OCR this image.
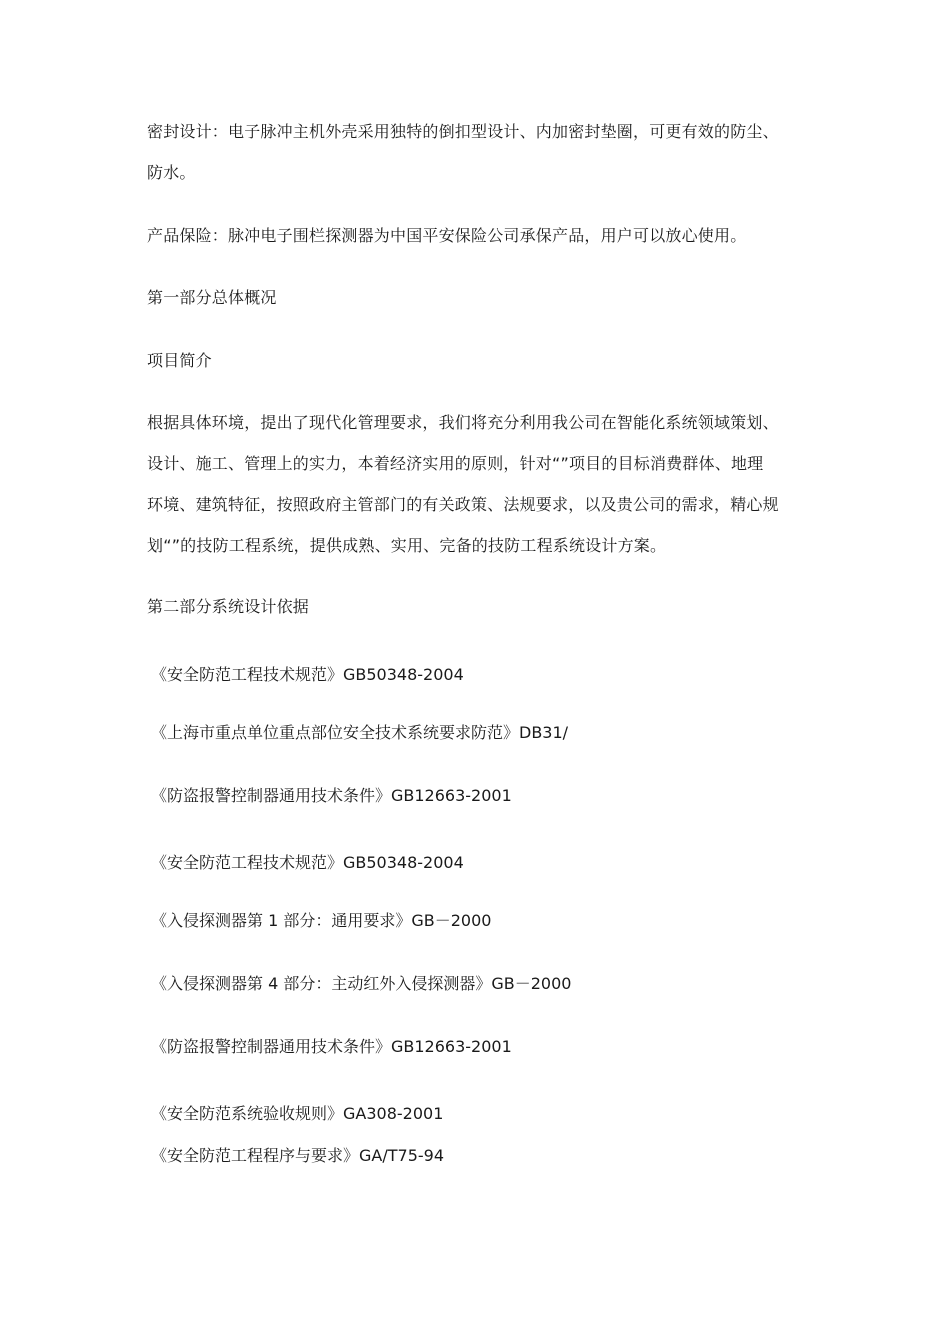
密封设计：电子脉冲主机外壳采用独特的倒扣型设计、内加密封垫圈，可更有效的防尘、
防水。
产品保险：脉冲电子围栏探测器为中国平安保险公司承保产品，用户可以放心使用。
第一部分总体概况
项目简介
根据具体环境，提出了现代化管理要求，我们将充分利用我公司在智能化系统领域策划、
设计、施工、管理上的实力，本着经济实用的原则，针对“”项目的目标消费群体、地理
环境、建筑特征，按照政府主管部门的有关政策、法规要求，以及贵公司的需求，精心规
划“”的技防工程系统，提供成熟、实用、完备的技防工程系统设计方案。
第二部分系统设计依据
《安全防范工程技术规范》GB50348-2004
《上海市重点单位重点部位安全技术系统要求防范》DB31/
《防盗报警控制器通用技术条件》GB12663-2001
《安全防范工程技术规范》GB50348-2004
《入侵探测器第 1 部分：通用要求》GB－2000
《入侵探测器第 4 部分：主动红外入侵探测器》GB－2000
《防盗报警控制器通用技术条件》GB12663-2001
《安全防范系统验收规则》GA308-2001
《安全防范工程程序与要求》GA/T75-94
